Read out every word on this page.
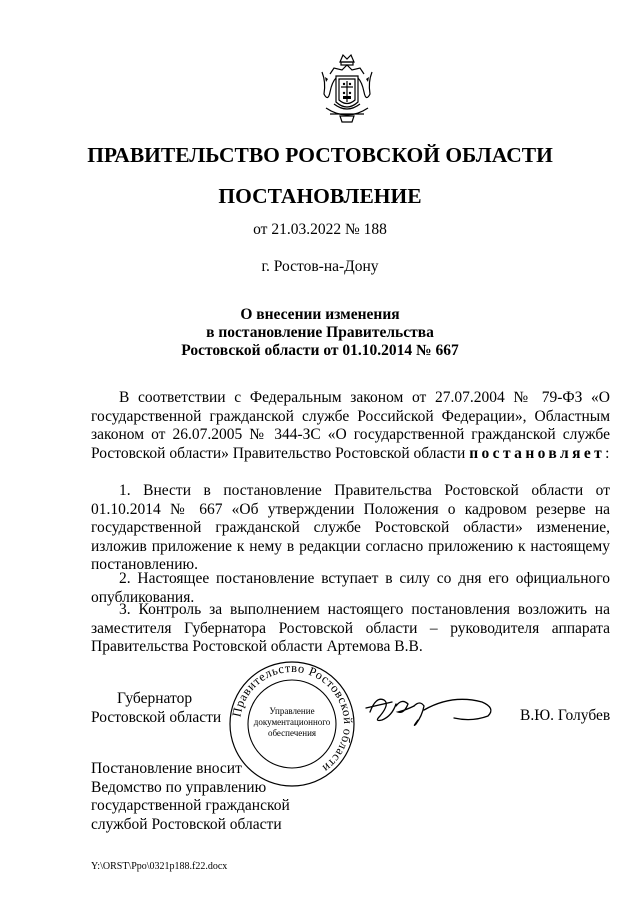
ПРАВИТЕЛЬСТВО РОСТОВСКОЙ ОБЛАСТИ
ПОСТАНОВЛЕНИЕ
от 21.03.2022 № 188
г. Ростов-на-Дону
О внесении изменения
в постановление Правительства
Ростовской области от 01.10.2014 № 667
В соответствии с Федеральным законом от 27.07.2004 № 79-ФЗ «О государственной гражданской службе Российской Федерации», Областным законом от 26.07.2005 № 344-ЗС «О государственной гражданской службе Ростовской области» Правительство Ростовской области постановляет:
1. Внести в постановление Правительства Ростовской области от 01.10.2014 № 667 «Об утверждении Положения о кадровом резерве на государственной гражданской службе Ростовской области» изменение, изложив приложение к нему в редакции согласно приложению к настоящему постановлению.
2. Настоящее постановление вступает в силу со дня его официального опубликования.
3. Контроль за выполнением настоящего постановления возложить на заместителя Губернатора Ростовской области – руководителя аппарата Правительства Ростовской области Артемова В.В.
Губернатор
Ростовской области Правительство Ростовской области
Управление
документационного
обеспечения
В.Ю. Голубев
Постановление вносит
Ведомство по управлению
государственной гражданской
службой Ростовской области
Y:\ORST\Ppo\0321p188.f22.docx
